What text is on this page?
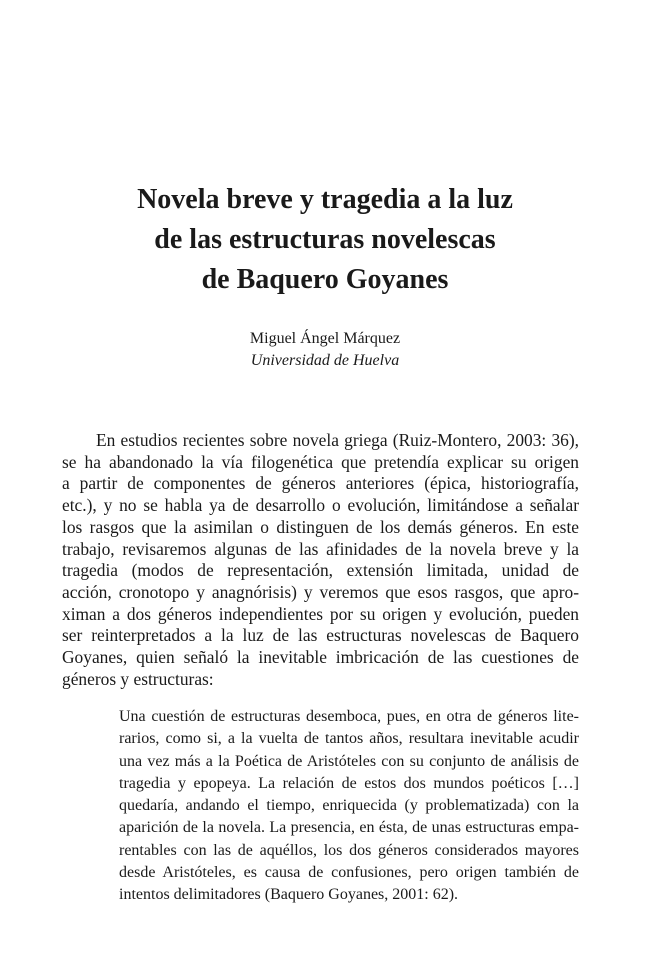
Novela breve y tragedia a la luz
de las estructuras novelescas
de Baquero Goyanes
Miguel Ángel Márquez
Universidad de Huelva

En estudios recientes sobre novela griega (Ruiz-Montero, 2003: 36),
se ha abandonado la vía filogenética que pretendía explicar su origen
a partir de componentes de géneros anteriores (épica, historiografía,
etc.), y no se habla ya de desarrollo o evolución, limitándose a señalar
los rasgos que la asimilan o distinguen de los demás géneros. En este
trabajo, revisaremos algunas de las afinidades de la novela breve y la
tragedia (modos de representación, extensión limitada, unidad de
acción, cronotopo y anagnórisis) y veremos que esos rasgos, que apro-
ximan a dos géneros independientes por su origen y evolución, pueden
ser reinterpretados a la luz de las estructuras novelescas de Baquero
Goyanes, quien señaló la inevitable imbricación de las cuestiones de
géneros y estructuras:

Una cuestión de estructuras desemboca, pues, en otra de géneros lite-
rarios, como si, a la vuelta de tantos años, resultara inevitable acudir
una vez más a la Poética de Aristóteles con su conjunto de análisis de
tragedia y epopeya. La relación de estos dos mundos poéticos […]
quedaría, andando el tiempo, enriquecida (y problematizada) con la
aparición de la novela. La presencia, en ésta, de unas estructuras empa-
rentables con las de aquéllos, los dos géneros considerados mayores
desde Aristóteles, es causa de confusiones, pero origen también de
intentos delimitadores (Baquero Goyanes, 2001: 62).
